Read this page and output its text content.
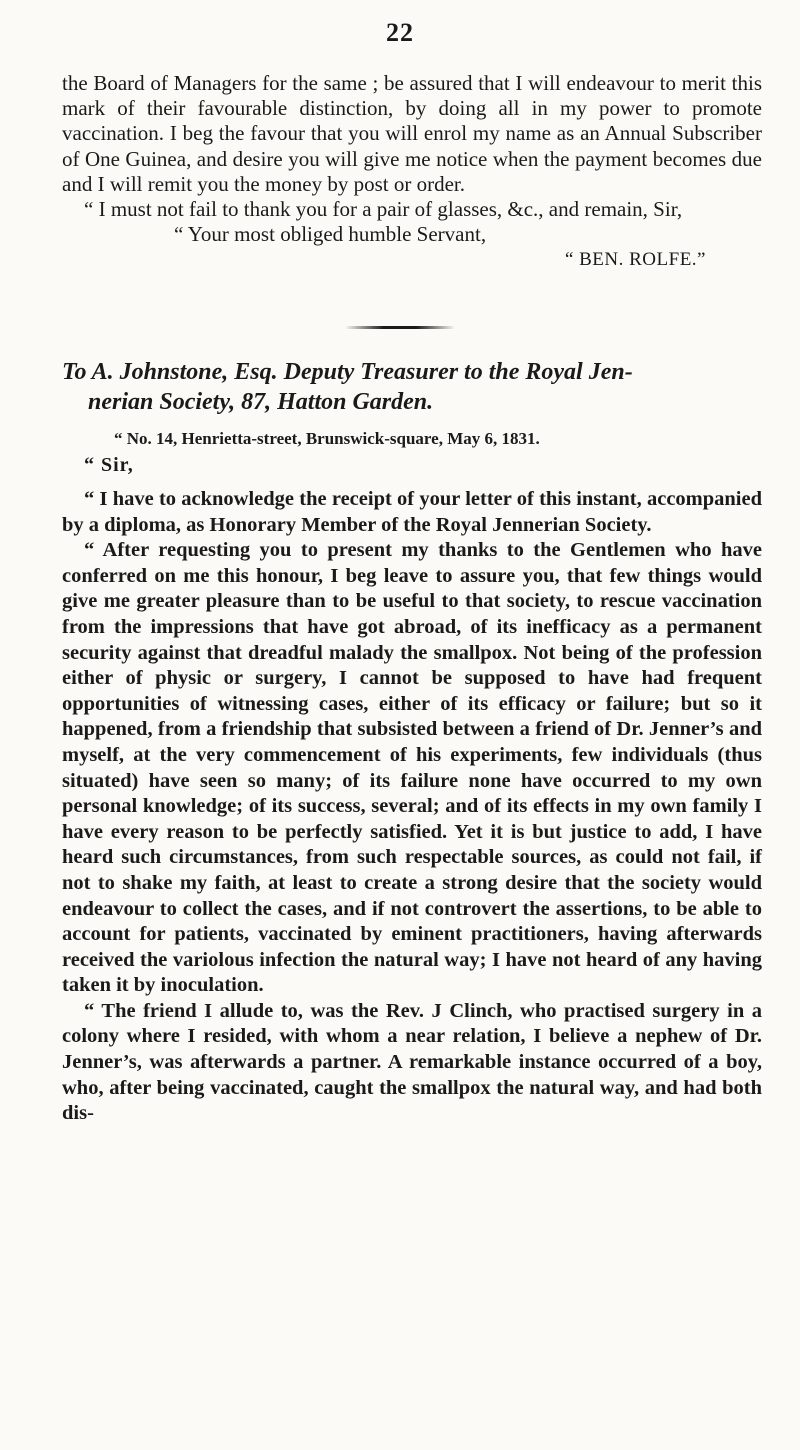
22

the Board of Managers for the same ; be assured that I will endeavour to merit this mark of their favourable distinction, by doing all in my power to promote vaccination. I beg the favour that you will enrol my name as an Annual Subscriber of One Guinea, and desire you will give me notice when the payment becomes due and I will remit you the money by post or order.

“ I must not fail to thank you for a pair of glasses, &c., and remain, Sir,

“ Your most obliged humble Servant,

“ BEN. ROLFE.”

To A. Johnstone, Esq. Deputy Treasurer to the Royal Jen-
nerian Society, 87, Hatton Garden.
“ No. 14, Henrietta-street, Brunswick-square, May 6, 1831.
“ Sir,

“ I have to acknowledge the receipt of your letter of this instant, accompanied by a diploma, as Honorary Member of the Royal Jennerian Society.

“ After requesting you to present my thanks to the Gentlemen who have conferred on me this honour, I beg leave to assure you, that few things would give me greater pleasure than to be useful to that society, to rescue vaccination from the impressions that have got abroad, of its inefficacy as a permanent security against that dreadful malady the smallpox. Not being of the profession either of physic or surgery, I cannot be supposed to have had frequent opportunities of witnessing cases, either of its efficacy or failure; but so it happened, from a friendship that subsisted between a friend of Dr. Jenner’s and myself, at the very commencement of his experiments, few individuals (thus situated) have seen so many; of its failure none have occurred to my own personal knowledge; of its success, several; and of its effects in my own family I have every reason to be perfectly satisfied. Yet it is but justice to add, I have heard such circumstances, from such respectable sources, as could not fail, if not to shake my faith, at least to create a strong desire that the society would endeavour to collect the cases, and if not controvert the assertions, to be able to account for patients, vaccinated by eminent practitioners, having afterwards received the variolous infection the natural way; I have not heard of any having taken it by inoculation.

“ The friend I allude to, was the Rev. J Clinch, who practised surgery in a colony where I resided, with whom a near relation, I believe a nephew of Dr. Jenner’s, was afterwards a partner. A remarkable instance occurred of a boy, who, after being vaccinated, caught the smallpox the natural way, and had both dis-
